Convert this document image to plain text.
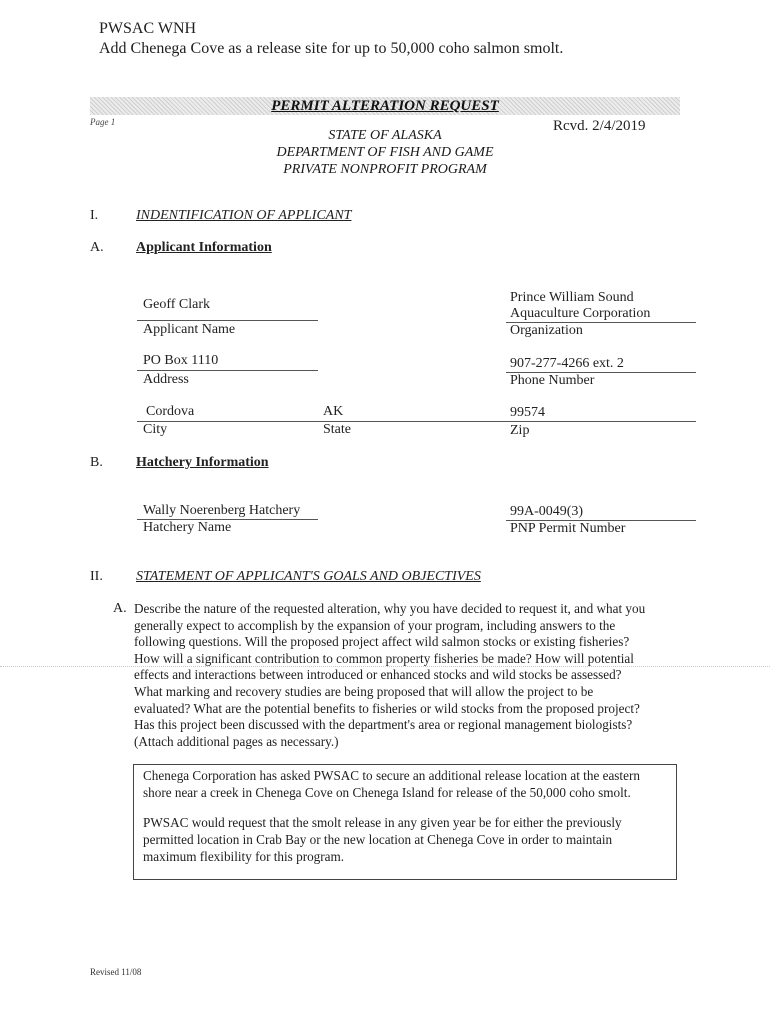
PWSAC WNH
Add Chenega Cove as a release site for up to 50,000 coho salmon smolt.
PERMIT ALTERATION REQUEST
Page 1
STATE OF ALASKA
DEPARTMENT OF FISH AND GAME
PRIVATE NONPROFIT PROGRAM
Rcvd. 2/4/2019
I.	INDENTIFICATION OF APPLICANT
A. Applicant Information
Geoff Clark
Applicant Name
Prince William Sound
Aquaculture Corporation
Organization
PO Box 1110
Address
907-277-4266 ext. 2
Phone Number
Cordova
City
AK
State
99574
Zip
B. Hatchery Information
Wally Noerenberg Hatchery
Hatchery Name
99A-0049(3)
PNP Permit Number
II. STATEMENT OF APPLICANT'S GOALS AND OBJECTIVES
A. Describe the nature of the requested alteration, why you have decided to request it, and what you
generally expect to accomplish by the expansion of your program, including answers to the
following questions. Will the proposed project affect wild salmon stocks or existing fisheries?
How will a significant contribution to common property fisheries be made? How will potential
effects and interactions between introduced or enhanced stocks and wild stocks be assessed?
What marking and recovery studies are being proposed that will allow the project to be
evaluated? What are the potential benefits to fisheries or wild stocks from the proposed project?
Has this project been discussed with the department's area or regional management biologists?
(Attach additional pages as necessary.)

Chenega Corporation has asked PWSAC to secure an additional release location at the eastern
shore near a creek in Chenega Cove on Chenega Island for release of the 50,000 coho smolt.

PWSAC would request that the smolt release in any given year be for either the previously
permitted location in Crab Bay or the new location at Chenega Cove in order to maintain
maximum flexibility for this program.

Revised 11/08
